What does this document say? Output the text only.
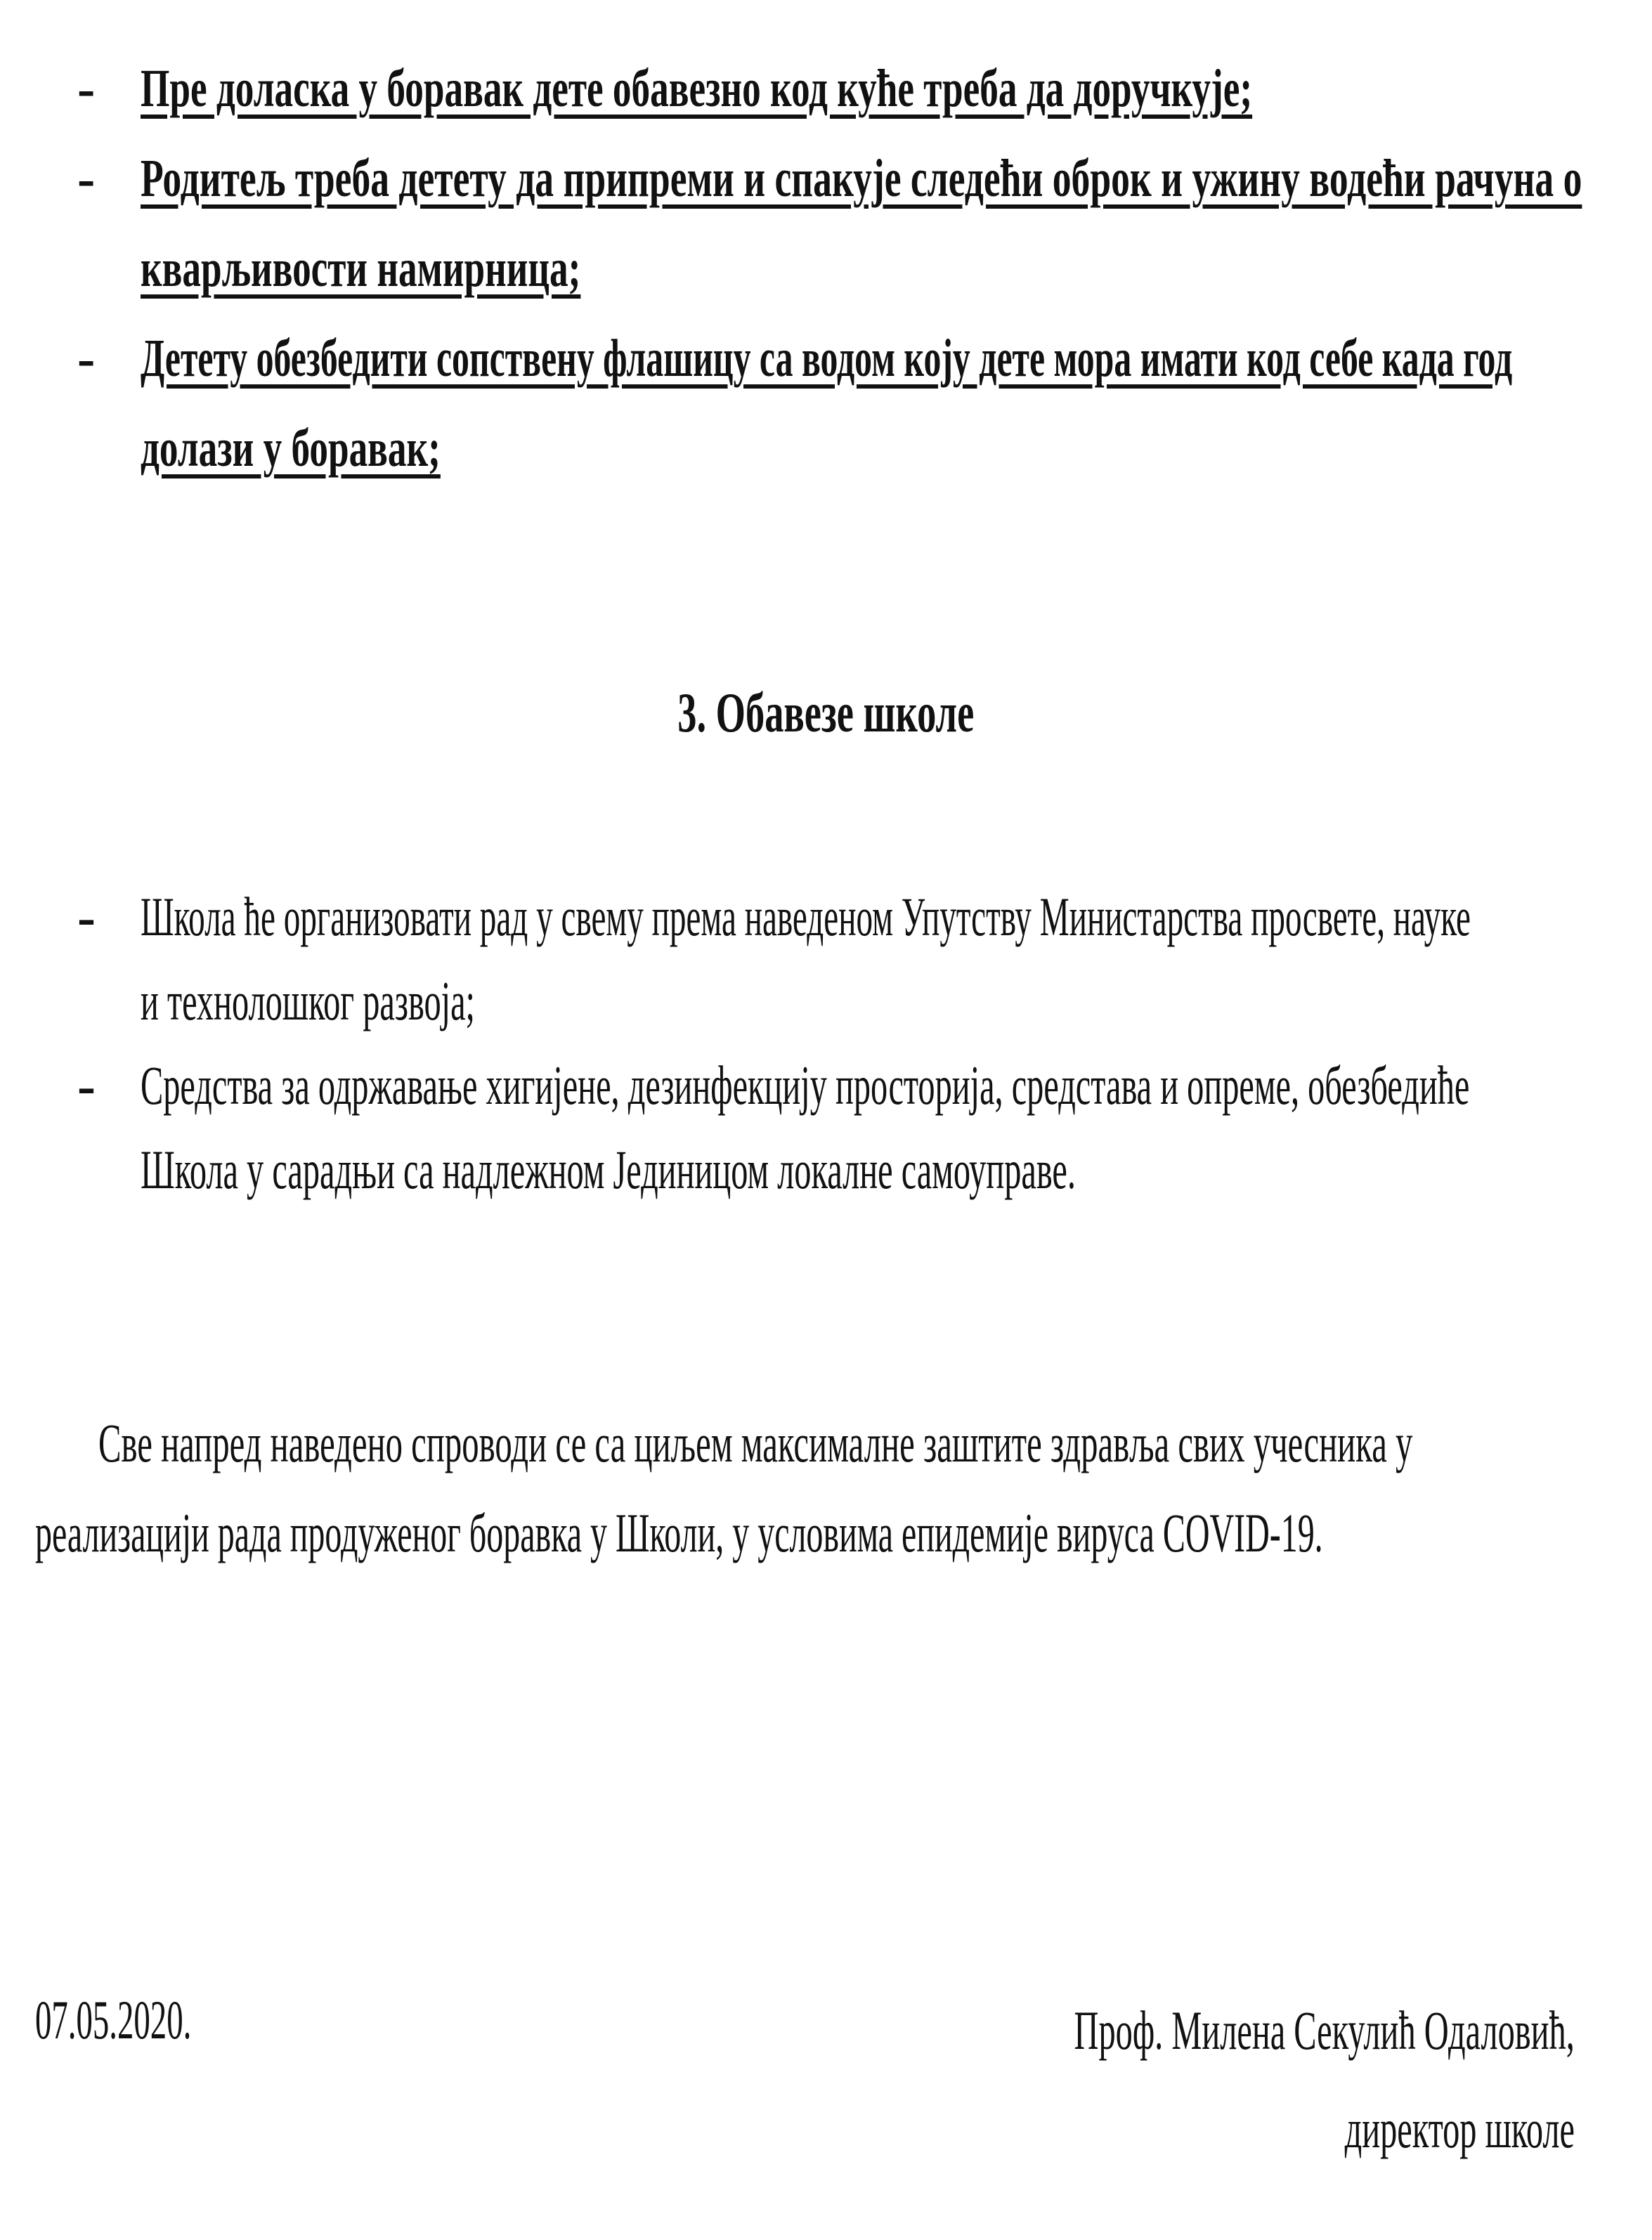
- Пре доласка у боравак дете обавезно код куће треба да доручкује;
- Родитељ треба детету да припреми и спакује следећи оброк и ужину водећи рачуна о
кварљивости намирница;
- Детету обезбедити сопствену флашицу са водом коју дете мора имати код себе када год
долази у боравак;
3. Обавезе школе
- Школа ће организовати рад у свему према наведеном Упутству Министарства просвете, науке
и технолошког развоја;
- Средства за одржавање хигијене, дезинфекцију просторија, средстава и опреме, обезбедиће
Школа у сарадњи са надлежном Јединицом локалне самоуправе.
Све напред наведено спроводи се са циљем максималне заштите здравља свих учесника у
реализацији рада продуженог боравка у Школи, у условима епидемије вируса COVID-19.
07.05.2020.	Проф. Милена Секулић Одаловић,
директор школе
